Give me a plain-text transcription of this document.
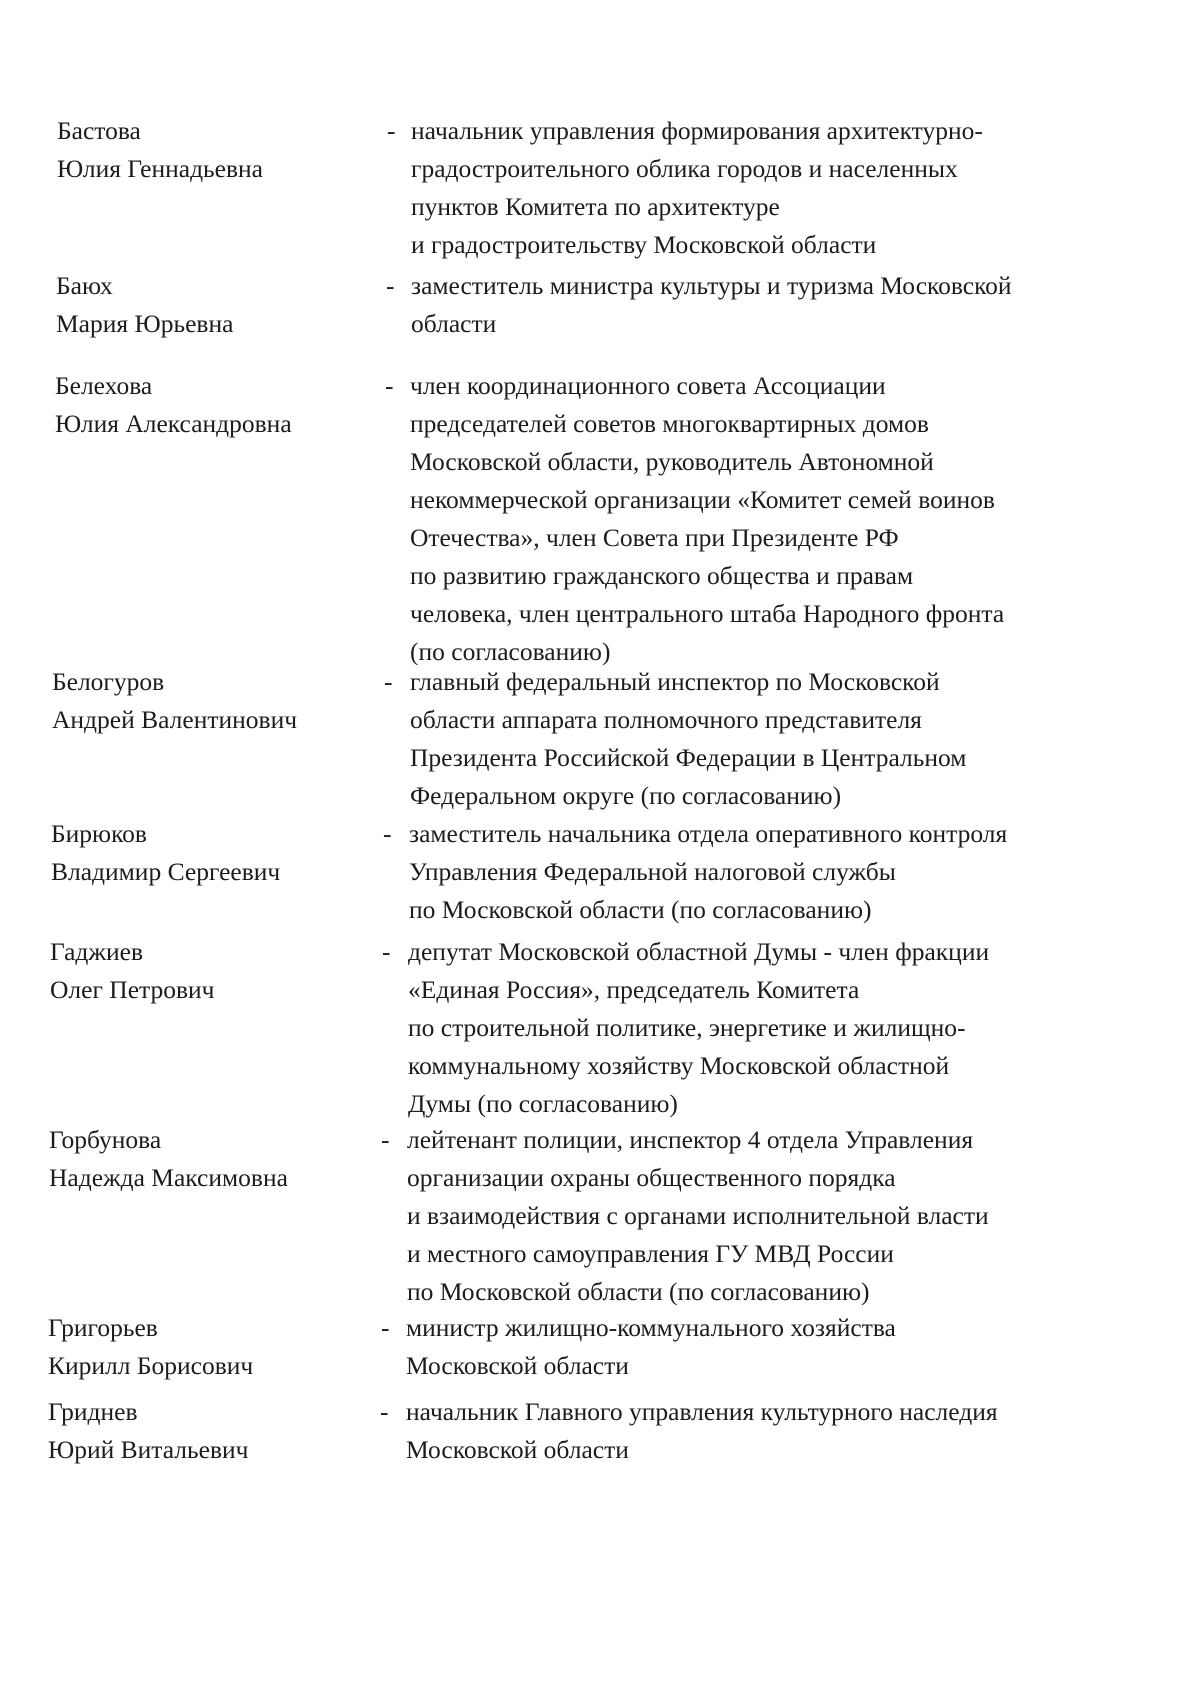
Бастова
Юлия Геннадьевна
- начальник управления формирования архитектурно-
градостроительного облика городов и населенных
пунктов Комитета по архитектуре
и градостроительству Московской области
Баюх
Мария Юрьевна
- заместитель министра культуры и туризма Московской
области
Белехова
Юлия Александровна
- член координационного совета Ассоциации
председателей советов многоквартирных домов
Московской области, руководитель Автономной
некоммерческой организации «Комитет семей воинов
Отечества», член Совета при Президенте РФ
по развитию гражданского общества и правам
человека, член центрального штаба Народного фронта
(по согласованию)
Белогуров
Андрей Валентинович
- главный федеральный инспектор по Московской
области аппарата полномочного представителя
Президента Российской Федерации в Центральном
Федеральном округе (по согласованию)
Бирюков
Владимир Сергеевич
- заместитель начальника отдела оперативного контроля
Управления Федеральной налоговой службы
по Московской области (по согласованию)
Гаджиев
Олег Петрович
- депутат Московской областной Думы - член фракции
«Единая Россия», председатель Комитета
по строительной политике, энергетике и жилищно-
коммунальному хозяйству Московской областной
Думы (по согласованию)
Горбунова
Надежда Максимовна
- лейтенант полиции, инспектор 4 отдела Управления
организации охраны общественного порядка
и взаимодействия с органами исполнительной власти
и местного самоуправления ГУ МВД России
по Московской области (по согласованию)
Григорьев
Кирилл Борисович
- министр жилищно-коммунального хозяйства
Московской области
Гриднев
Юрий Витальевич
- начальник Главного управления культурного наследия
Московской области
